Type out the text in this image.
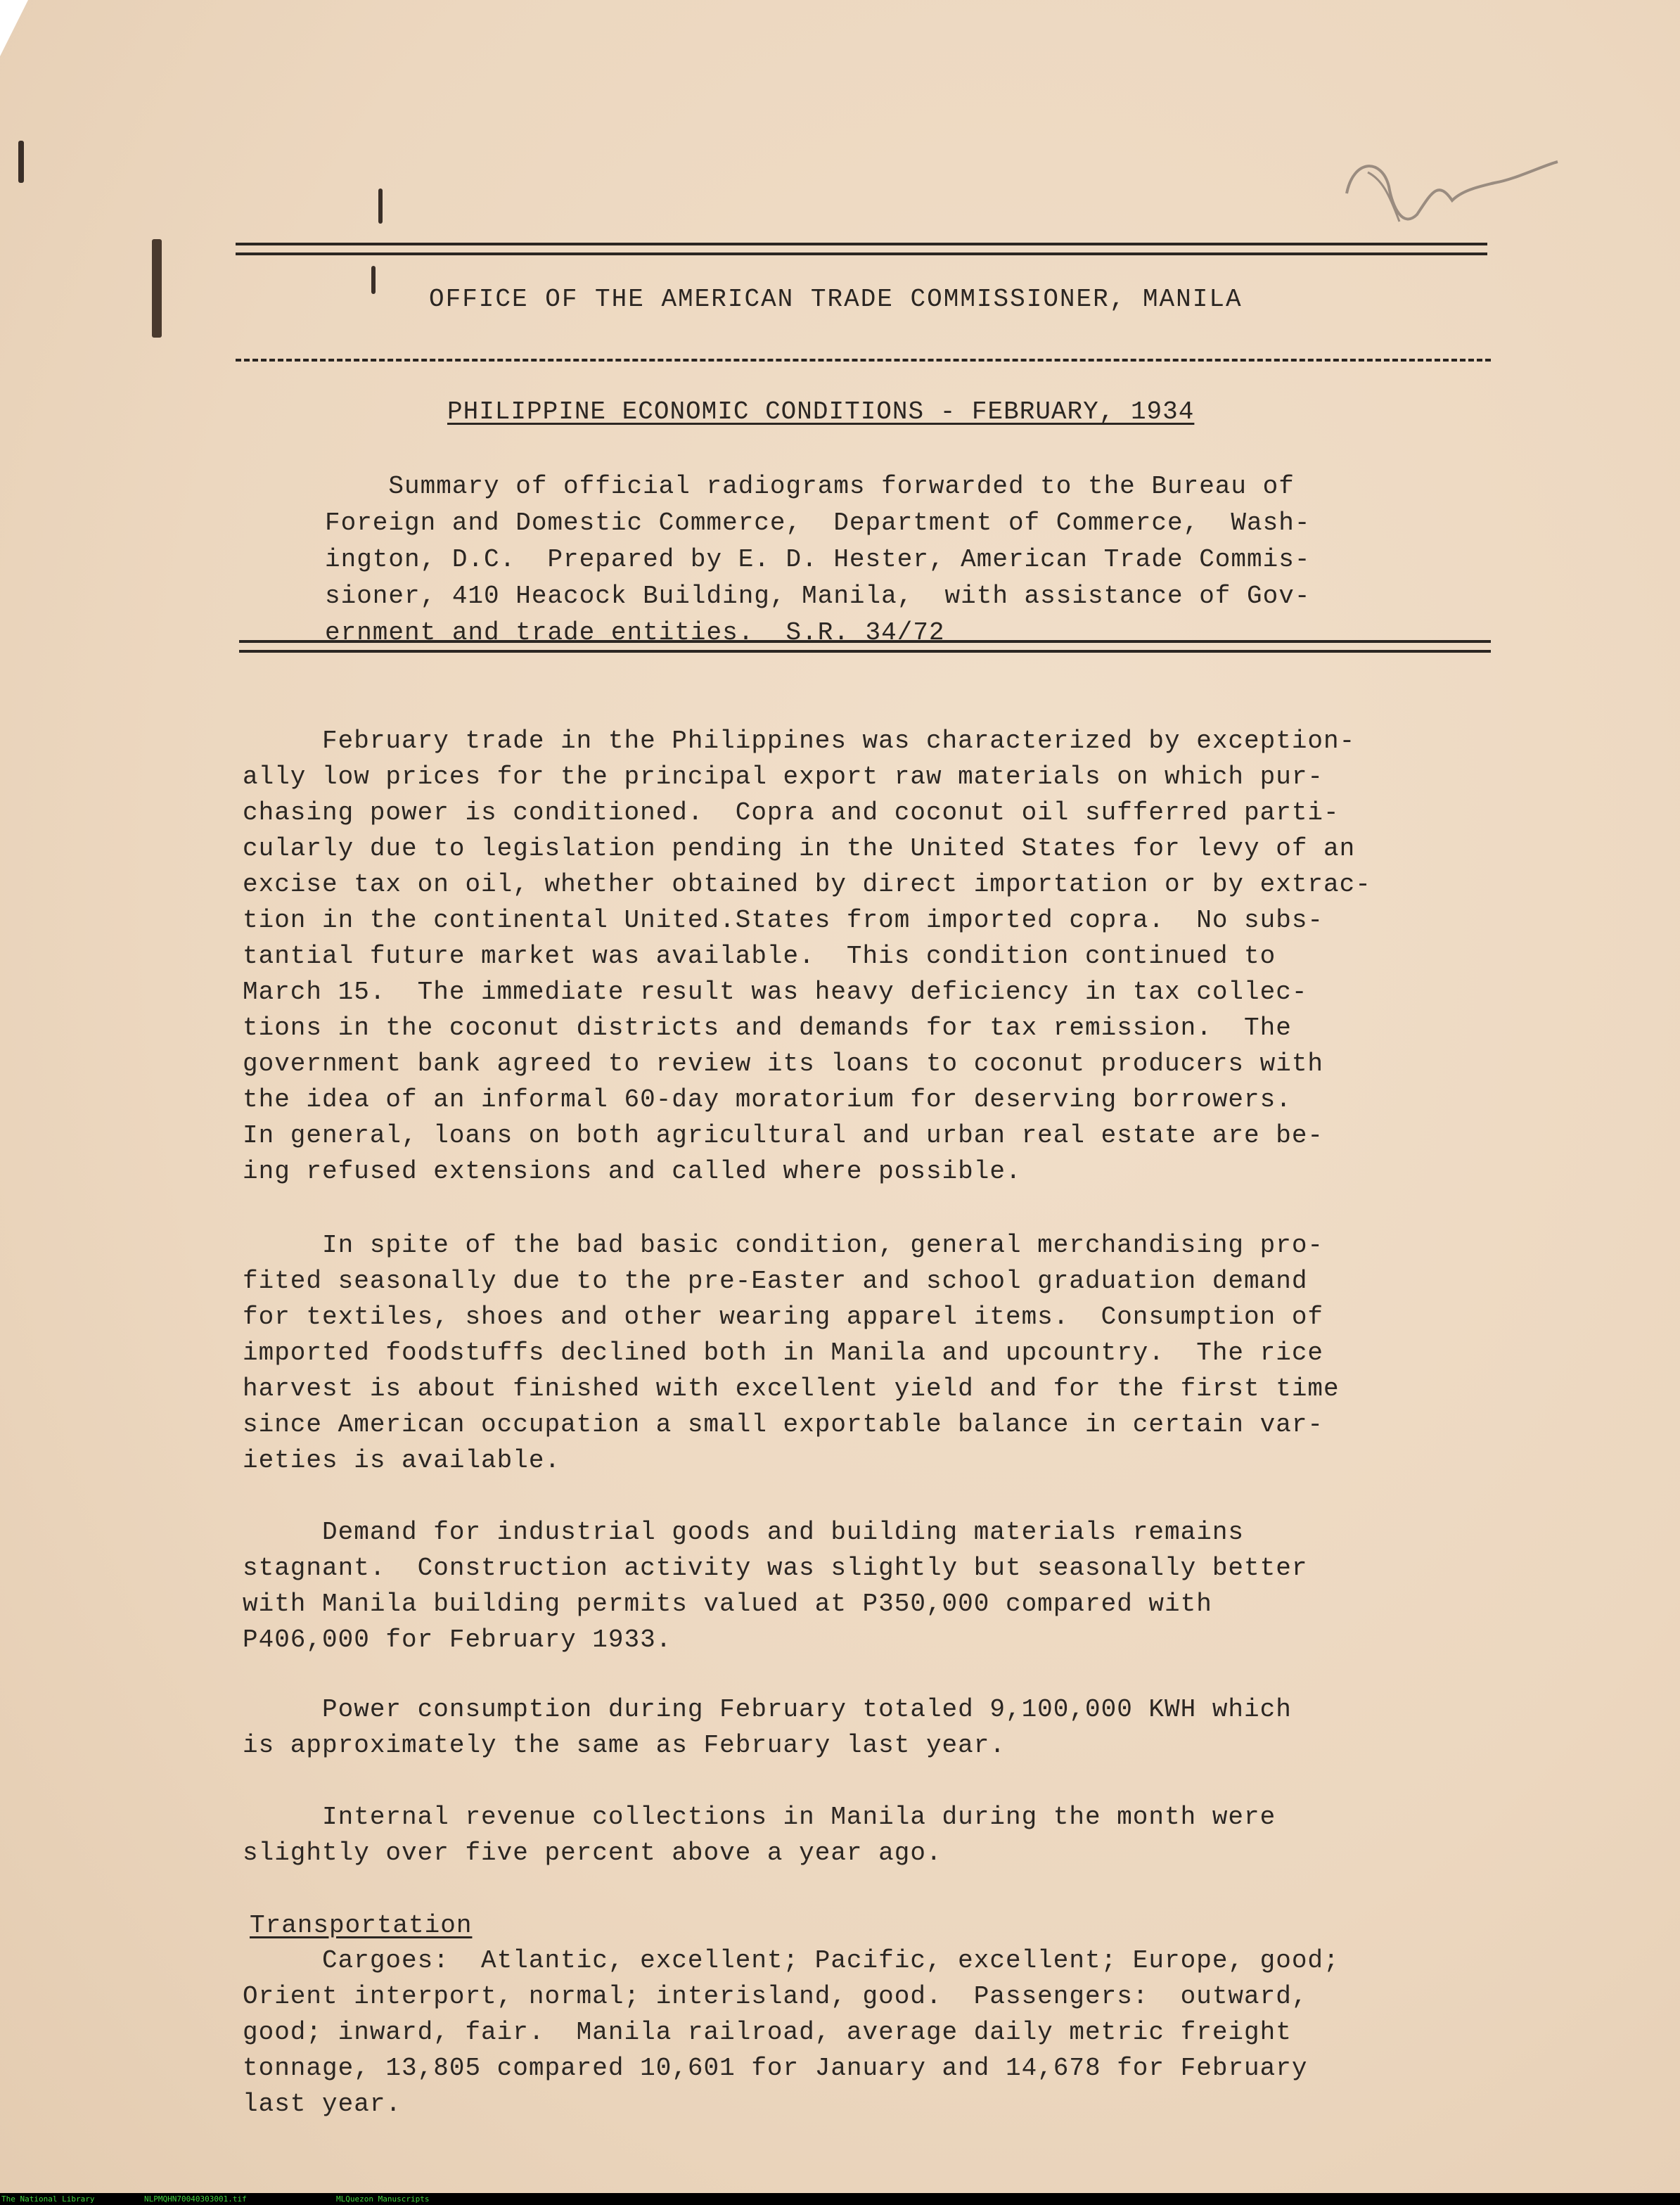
OFFICE OF THE AMERICAN TRADE COMMISSIONER, MANILA
PHILIPPINE ECONOMIC CONDITIONS - FEBRUARY, 1934
Summary of official radiograms forwarded to the Bureau of
Foreign and Domestic Commerce,  Department of Commerce,  Wash-
ington, D.C.  Prepared by E. D. Hester, American Trade Commis-
sioner, 410 Heacock Building, Manila,  with assistance of Gov-
ernment and trade entities.  S.R. 34/72
February trade in the Philippines was characterized by exception-
ally low prices for the principal export raw materials on which pur-
chasing power is conditioned.  Copra and coconut oil sufferred parti-
cularly due to legislation pending in the United States for levy of an
excise tax on oil, whether obtained by direct importation or by extrac-
tion in the continental United.States from imported copra.  No subs-
tantial future market was available.  This condition continued to
March 15.  The immediate result was heavy deficiency in tax collec-
tions in the coconut districts and demands for tax remission.  The
government bank agreed to review its loans to coconut producers with
the idea of an informal 60-day moratorium for deserving borrowers.
In general, loans on both agricultural and urban real estate are be-
ing refused extensions and called where possible.
In spite of the bad basic condition, general merchandising pro-
fited seasonally due to the pre-Easter and school graduation demand
for textiles, shoes and other wearing apparel items.  Consumption of
imported foodstuffs declined both in Manila and upcountry.  The rice
harvest is about finished with excellent yield and for the first time
since American occupation a small exportable balance in certain var-
ieties is available.
Demand for industrial goods and building materials remains
stagnant.  Construction activity was slightly but seasonally better
with Manila building permits valued at P350,000 compared with
P406,000 for February 1933.
Power consumption during February totaled 9,100,000 KWH which
is approximately the same as February last year.
Internal revenue collections in Manila during the month were
slightly over five percent above a year ago.
Transportation
Cargoes:  Atlantic, excellent; Pacific, excellent; Europe, good;
Orient interport, normal; interisland, good.  Passengers:  outward,
good; inward, fair.  Manila railroad, average daily metric freight
tonnage, 13,805 compared 10,601 for January and 14,678 for February
last year.
The National Library	NLPMQHN70040303001.tif	MLQuezon Manuscripts
